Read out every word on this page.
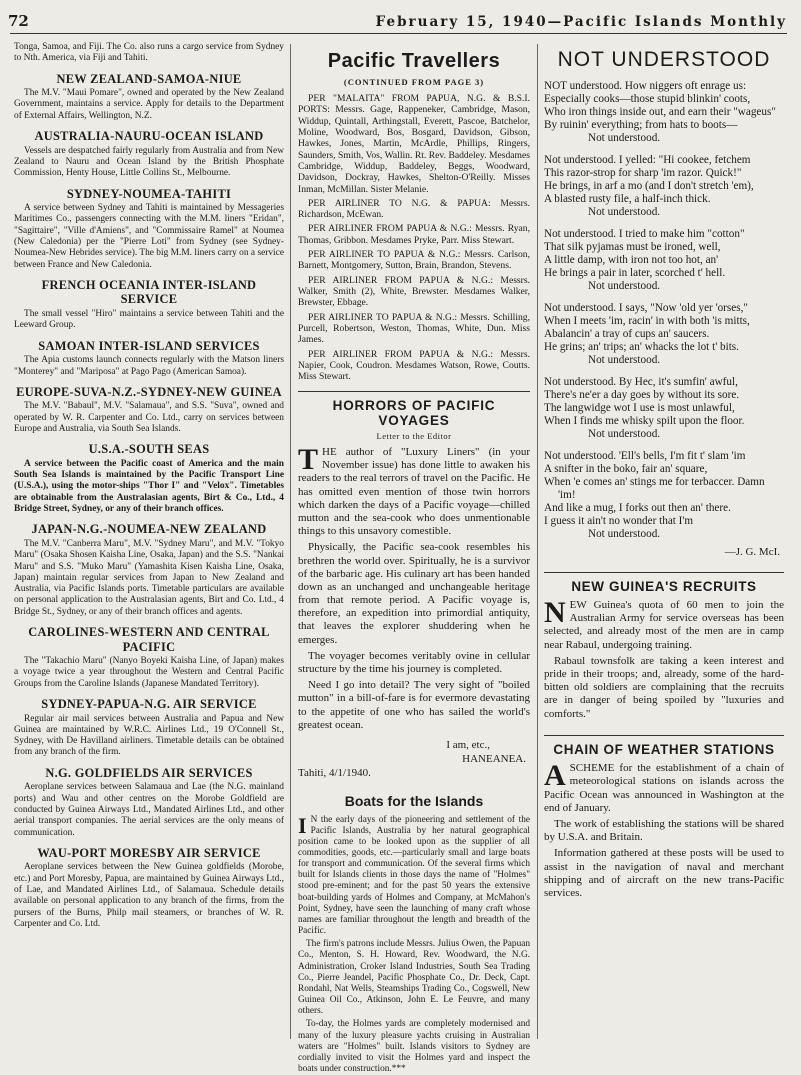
72	February 15, 1940—Pacific Islands Monthly
Tonga, Samoa, and Fiji. The Co. also runs a cargo service from Sydney to Nth. America, via Fiji and Tahiti.
NEW ZEALAND-SAMOA-NIUE
The M.V. "Maui Pomare", owned and operated by the New Zealand Government, maintains a service. Apply for details to the Department of External Affairs, Wellington, N.Z.
AUSTRALIA-NAURU-OCEAN ISLAND
Vessels are despatched fairly regularly from Australia and from New Zealand to Nauru and Ocean Island by the British Phosphate Commission, Henty House, Little Collins St., Melbourne.
SYDNEY-NOUMEA-TAHITI
A service between Sydney and Tahiti is maintained by Messageries Maritimes Co., passengers connecting with the M.M. liners "Eridan", "Sagittaire", "Ville d'Amiens", and "Commissaire Ramel" at Noumea (New Caledonia) per the "Pierre Loti" from Sydney (see Sydney-Noumea-New Hebrides service). The big M.M. liners carry on a service between France and New Caledonia.
FRENCH OCEANIA INTER-ISLAND SERVICE
The small vessel "Hiro" maintains a service between Tahiti and the Leeward Group.
SAMOAN INTER-ISLAND SERVICES
The Apia customs launch connects regularly with the Matson liners "Monterey" and "Mariposa" at Pago Pago (American Samoa).
EUROPE-SUVA-N.Z.-SYDNEY-NEW GUINEA
The M.V. "Babaul", M.V. "Salamaua", and S.S. "Suva", owned and operated by W. R. Carpenter and Co. Ltd., carry on services between Europe and Australia, via South Sea Islands.
U.S.A.-SOUTH SEAS
A service between the Pacific coast of America and the main South Sea Islands is maintained by the Pacific Transport Line (U.S.A.), using the motor-ships "Thor I" and "Velox". Timetables are obtainable from the Australasian agents, Birt & Co., Ltd., 4 Bridge Street, Sydney, or any of their branch offices.
JAPAN-N.G.-NOUMEA-NEW ZEALAND
The M.V. "Canberra Maru", M.V. "Sydney Maru", and M.V. "Tokyo Maru" (Osaka Shosen Kaisha Line, Osaka, Japan) and the S.S. "Nankai Maru" and S.S. "Muko Maru" (Yamashita Kisen Kaisha Line, Osaka, Japan) maintain regular services from Japan to New Zealand and Australia, via Pacific Islands ports. Timetable particulars are available on personal application to the Australasian agents, Birt and Co. Ltd., 4 Bridge St., Sydney, or any of their branch offices and agents.
CAROLINES-WESTERN AND CENTRAL PACIFIC
The "Takachio Maru" (Nanyo Boyeki Kaisha Line, of Japan) makes a voyage twice a year throughout the Western and Central Pacific Groups from the Caroline Islands (Japanese Mandated Territory).
SYDNEY-PAPUA-N.G. AIR SERVICE
Regular air mail services between Australia and Papua and New Guinea are maintained by W.R.C. Airlines Ltd., 19 O'Connell St., Sydney, with De Havilland airliners. Timetable details can be obtained from any branch of the firm.
N.G. GOLDFIELDS AIR SERVICES
Aeroplane services between Salamaua and Lae (the N.G. mainland ports) and Wau and other centres on the Morobe Goldfield are conducted by Guinea Airways Ltd., Mandated Airlines Ltd., and other aerial transport companies. The aerial services are the only means of communication.
WAU-PORT MORESBY AIR SERVICE
Aeroplane services between the New Guinea goldfields (Morobe, etc.) and Port Moresby, Papua, are maintained by Guinea Airways Ltd., of Lae, and Mandated Airlines Ltd., of Salamaua. Schedule details available on personal application to any branch of the firms, from the pursers of the Burns, Philp mail steamers, or branches of W. R. Carpenter and Co. Ltd.
Pacific Travellers
(CONTINUED FROM PAGE 3)
PER "MALAITA" FROM PAPUA, N.G. & B.S.I. PORTS: Messrs. Gage, Rappeneker, Cambridge, Mason, Widdup, Quintall, Arthingstall, Everett, Pascoe, Batchelor, Moline, Woodward, Bos, Bosgard, Davidson, Gibson, Hawkes, Jones, Martin, McArdle, Phillips, Ringers, Saunders, Smith, Vos, Wallin. Rt. Rev. Baddeley. Mesdames Cambridge, Widdup, Baddeley, Beggs, Woodward, Davidson, Dockray, Hawkes, Shelton-O'Reilly. Misses Inman, McMillan. Sister Melanie.
PER AIRLINER TO N.G. & PAPUA: Messrs. Richardson, McEwan.
PER AIRLINER FROM PAPUA & N.G.: Messrs. Ryan, Thomas, Gribbon. Mesdames Pryke, Parr. Miss Stewart.
PER AIRLINER TO PAPUA & N.G.: Messrs. Carlson, Barnett, Montgomery, Sutton, Brain, Brandon, Stevens.
PER AIRLINER FROM PAPUA & N.G.: Messrs. Walker, Smith (2), White, Brewster. Mesdames Walker, Brewster, Ebbage.
PER AIRLINER TO PAPUA & N.G.: Messrs. Schilling, Purcell, Robertson, Weston, Thomas, White, Dun. Miss James.
PER AIRLINER FROM PAPUA & N.G.: Messrs. Napier, Cook, Coudron. Mesdames Watson, Rowe, Coutts. Miss Stewart.
HORRORS OF PACIFIC VOYAGES
Letter to the Editor

THE author of "Luxury Liners" (in your November issue) has done little to awaken his readers to the real terrors of travel on the Pacific. He has omitted even mention of those twin horrors which darken the days of a Pacific voyage—chilled mutton and the sea-cook who does unmentionable things to this unsavory comestible.

Physically, the Pacific sea-cook resembles his brethren the world over. Spiritually, he is a survivor of the barbaric age. His culinary art has been handed down as an unchanged and unchangeable heritage from that remote period. A Pacific voyage is, therefore, an expedition into primordial antiquity, that leaves the explorer shuddering when he emerges.

The voyager becomes veritably ovine in cellular structure by the time his journey is completed.

Need I go into detail? The very sight of "boiled mutton" in a bill-of-fare is for evermore devastating to the appetite of one who has sailed the world's greatest ocean.

I am, etc.,
HANEANEA.
Tahiti, 4/1/1940.
Boats for the Islands

I N the early days of the pioneering and settlement of the Pacific Islands, Australia by her natural geographical position came to be looked upon as the supplier of all commodities, goods, etc.—particularly small and large boats for transport and communication. Of the several firms which built for Islands clients in those days the name of "Holmes" stood pre-eminent; and for the past 50 years the extensive boat-building yards of Holmes and Company, at McMahon's Point, Sydney, have seen the launching of many craft whose names are familiar throughout the length and breadth of the Pacific.

The firm's patrons include Messrs. Julius Owen, the Papuan Co., Menton, S. H. Howard, Rev. Woodward, the N.G. Administration, Croker Island Industries, South Sea Trading Co., Pierre Jeandel, Pacific Phosphate Co., Dr. Deck, Capt. Rondahl, Nat Wells, Steamships Trading Co., Cogswell, New Guinea Oil Co., Atkinson, John E. Le Feuvre, and many others.

To-day, the Holmes yards are completely modernised and many of the luxury pleasure yachts cruising in Australian waters are "Holmes" built. Islands visitors to Sydney are cordially invited to visit the Holmes yard and inspect the boats under construction.***

NOT UNDERSTOOD
NOT understood. How niggers oft enrage us:
Especially cooks—those stupid blinkin' coots,
Who iron things inside out, and earn their "wageus"
By ruinin' everything; from hats to boots—
Not understood.
Not understood. I yelled: "Hi cookee, fetchem
This razor-strop for sharp 'im razor. Quick!"
He brings, in arf a mo (and I don't stretch 'em),
A blasted rusty file, a half-inch thick.
Not understood.
Not understood. I tried to make him "cotton"
That silk pyjamas must be ironed, well,
A little damp, with iron not too hot, an'
He brings a pair in later, scorched t' hell.
Not understood.
Not understood. I says, "Now 'old yer 'orses,"
When I meets 'im, racin' in with both 'is mitts,
Abalancin' a tray of cups an' saucers.
He grins; an' trips; an' whacks the lot t' bits.
Not understood.
Not understood. By Hec, it's sumfin' awful,
There's ne'er a day goes by without its sore.
The langwidge wot I use is most unlawful,
When I finds me whisky spilt upon the floor.
Not understood.
Not understood. 'Ell's bells, I'm fit t' slam 'im
A snifter in the boko, fair an' square,
When 'e comes an' stings me for terbaccer. Damn 'im!
And like a mug, I forks out then an' there.
I guess it ain't no wonder that I'm
Not understood.
—J. G. McI.
NEW GUINEA'S RECRUITS

NEW Guinea's quota of 60 men to join the Australian Army for service overseas has been selected, and already most of the men are in camp near Rabaul, undergoing training.

Rabaul townsfolk are taking a keen interest and pride in their troops; and, already, some of the hard-bitten old soldiers are complaining that the recruits are in danger of being spoiled by "luxuries and comforts."

CHAIN OF WEATHER STATIONS

ASCHEME for the establishment of a chain of meteorological stations on islands across the Pacific Ocean was announced in Washington at the end of January.

The work of establishing the stations will be shared by U.S.A. and Britain.

Information gathered at these posts will be used to assist in the navigation of naval and merchant shipping and of aircraft on the new trans-Pacific services.
